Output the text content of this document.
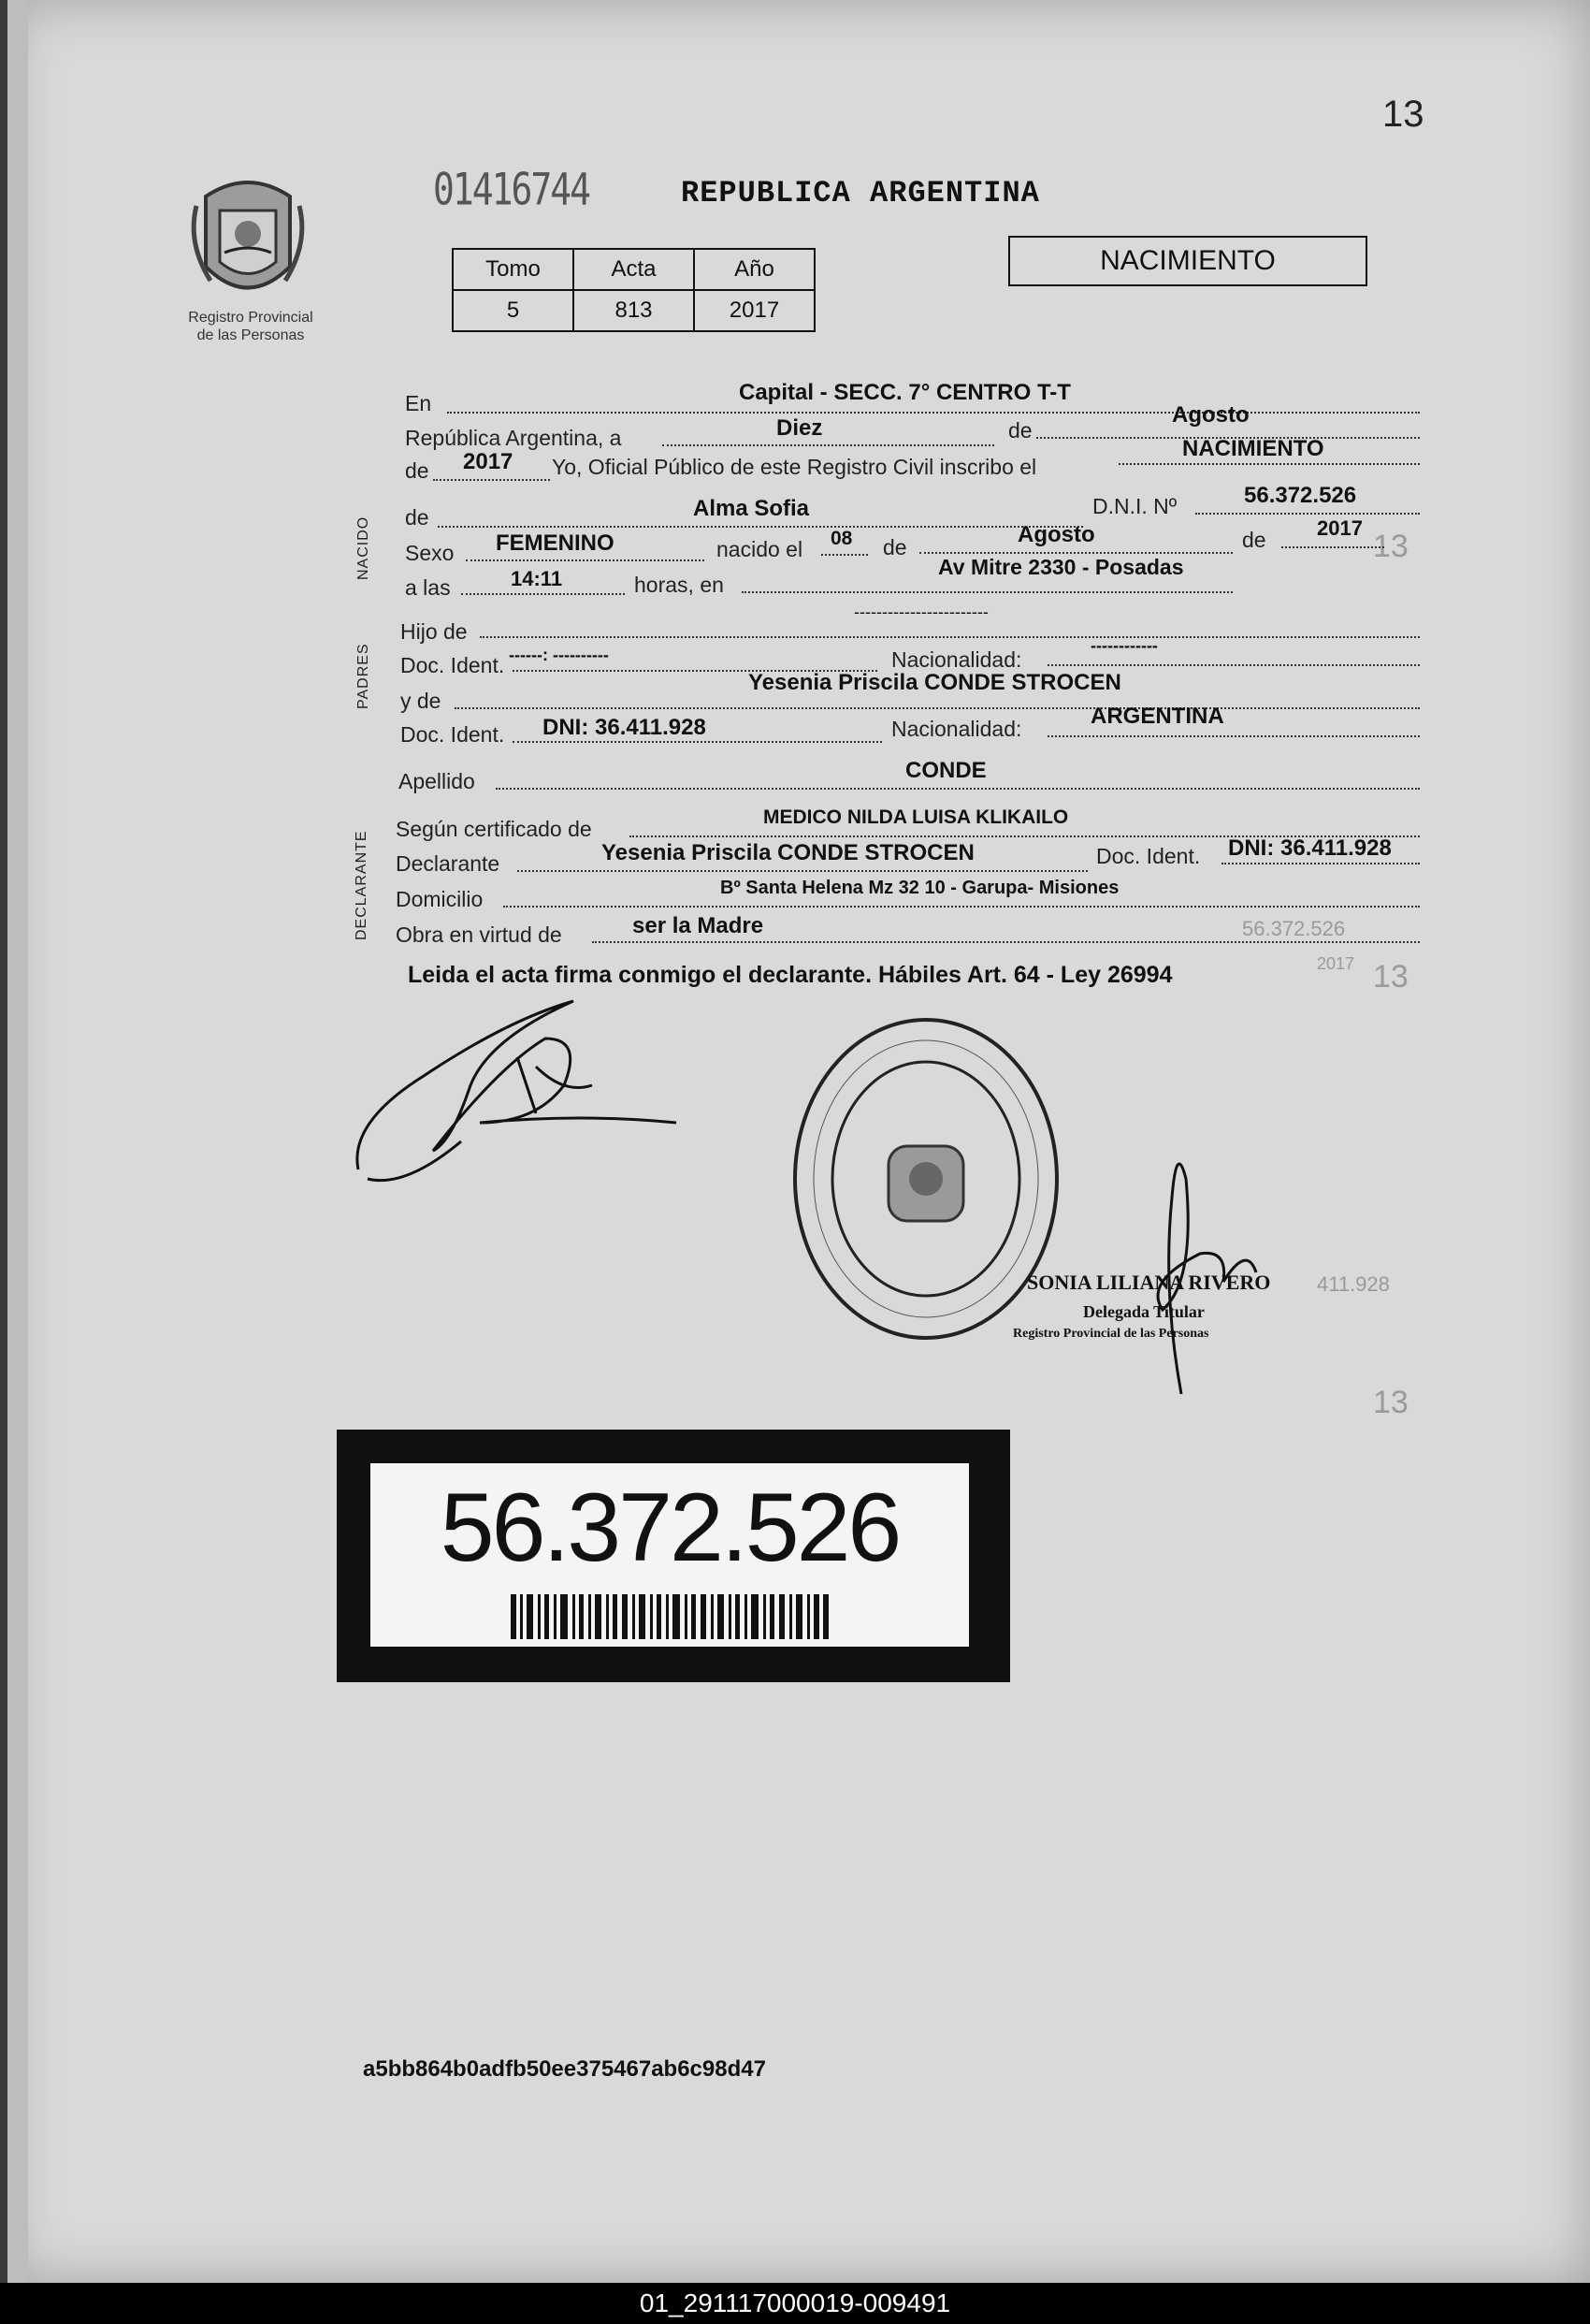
13
Registro Provincial
de las Personas
01416744	REPUBLICA ARGENTINA
Tomo	Acta	Año
5	813	2017
NACIMIENTO
13
13
13
2017
411.928
56.372.526
NACIDO
PADRES
DECLARANTE
En	Capital - SECC. 7° CENTRO T-T
República Argentina, a	Diez	de
Agosto
de 2017 Yo, Oficial Público de este Registro Civil inscribo el
NACIMIENTO
de	Alma Sofia	D.N.I. Nº	56.372.526
Sexo FEMENINO	nacido el 08 de	Agosto	de 2017
a las	14:11	horas, en
Av Mitre 2330 - Posadas
Hijo de
------------------------
Doc. Ident. ------: ----------	Nacionalidad:
------------
y de
Yesenia Priscila CONDE STROCEN
Doc. Ident. DNI: 36.411.928	Nacionalidad:	ARGENTINA
Apellido	CONDE
Según certificado de	MEDICO NILDA LUISA KLIKAILO
Declarante	Yesenia Priscila CONDE STROCEN	Doc. Ident. DNI: 36.411.928
Domicilio	Bº Santa Helena Mz 32 10 - Garupa- Misiones
Obra en virtud de	ser la Madre
Leida el acta firma conmigo el declarante. Hábiles Art. 64 - Ley 26994
SONIA LILIANA RIVERO
Delegada Titular
Registro Provincial de las Personas
56.372.526
a5bb864b0adfb50ee375467ab6c98d47
01_291117000019-009491
